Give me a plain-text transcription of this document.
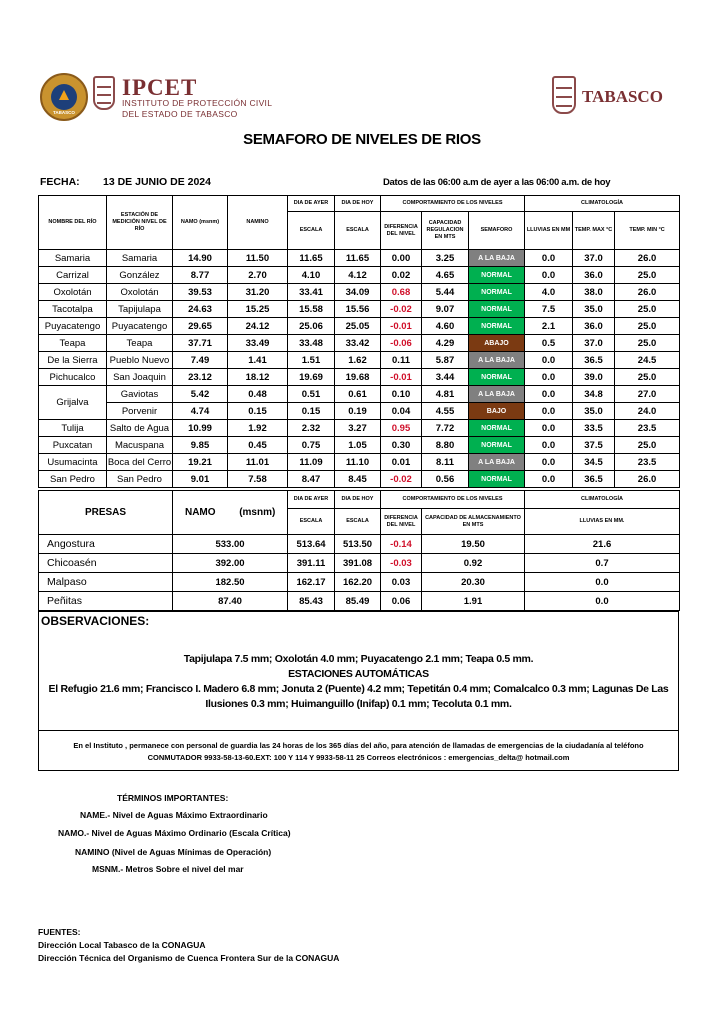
TABASCO
IPCET
INSTITUTO DE PROTECCIÓN CIVIL
DEL ESTADO DE TABASCO
TABASCO
SEMAFORO DE NIVELES DE RIOS
FECHA: 13 DE JUNIO DE 2024	Datos de las 06:00 a.m de ayer a las 06:00 a.m. de hoy
NOMBRE DEL RÍO	ESTACIÓN DE MEDICIÓN NIVEL DE RÍO	NAMO (msnm)	NAMINO	DIA DE AYER	DIA DE HOY	COMPORTAMIENTO DE LOS NIVELES			CLIMATOLOGÍA		
				ESCALA	ESCALA	DIFERENCIA DEL NIVEL	CAPACIDAD REGULACION EN MTS	SEMAFORO	LLUVIAS EN MM	TEMP. MAX °C	TEMP. MIN °C
Samaria	Samaria	14.90	11.50	11.65	11.65	0.00	3.25	A LA BAJA	0.0	37.0	26.0
Carrizal	González	8.77	2.70	4.10	4.12	0.02	4.65	NORMAL	0.0	36.0	25.0
Oxolotán	Oxolotán	39.53	31.20	33.41	34.09	0.68	5.44	NORMAL	4.0	38.0	26.0
Tacotalpa	Tapijulapa	24.63	15.25	15.58	15.56	-0.02	9.07	NORMAL	7.5	35.0	25.0
Puyacatengo	Puyacatengo	29.65	24.12	25.06	25.05	-0.01	4.60	NORMAL	2.1	36.0	25.0
Teapa	Teapa	37.71	33.49	33.48	33.42	-0.06	4.29	ABAJO	0.5	37.0	25.0
De la Sierra	Pueblo Nuevo	7.49	1.41	1.51	1.62	0.11	5.87	A LA BAJA	0.0	36.5	24.5
Pichucalco	San Joaquin	23.12	18.12	19.69	19.68	-0.01	3.44	NORMAL	0.0	39.0	25.0
Grijalva	Gaviotas	5.42	0.48	0.51	0.61	0.10	4.81	A LA BAJA	0.0	34.8	27.0
	Porvenir	4.74	0.15	0.15	0.19	0.04	4.55	BAJO	0.0	35.0	24.0
Tulija	Salto de Agua	10.99	1.92	2.32	3.27	0.95	7.72	NORMAL	0.0	33.5	23.5
Puxcatan	Macuspana	9.85	0.45	0.75	1.05	0.30	8.80	NORMAL	0.0	37.5	25.0
Usumacinta	Boca del Cerro	19.21	11.01	11.09	11.10	0.01	8.11	A LA BAJA	0.0	34.5	23.5
San Pedro	San Pedro	9.01	7.58	8.47	8.45	-0.02	0.56	NORMAL	0.0	36.5	26.0
PRESAS	NAMO	(msnm)	DIA DE AYER	DIA DE HOY	COMPORTAMIENTO DE LOS NIVELES		CLIMATOLOGÍA
			ESCALA	ESCALA	DIFERENCIA DEL NIVEL	CAPACIDAD DE ALMACENAMIENTO EN MTS	LLUVIAS EN MM.
Angostura	533.00		513.64	513.50	-0.14	19.50	21.6
Chicoasén	392.00		391.11	391.08	-0.03	0.92	0.7
Malpaso	182.50		162.17	162.20	0.03	20.30	0.0
Peñitas	87.40		85.43	85.49	0.06	1.91	0.0
OBSERVACIONES:
Tapijulapa 7.5 mm; Oxolotán 4.0 mm; Puyacatengo 2.1 mm; Teapa 0.5 mm.
ESTACIONES AUTOMÁTICAS
El Refugio 21.6 mm; Francisco I. Madero 6.8 mm; Jonuta 2 (Puente) 4.2 mm; Tepetitán 0.4 mm; Comalcalco 0.3 mm; Lagunas De Las
Ilusiones 0.3 mm; Huimanguillo (Inifap) 0.1 mm; Tecoluta 0.1 mm.
En el Instituto , permanece con personal de guardia las 24 horas de los 365 días del año, para atención de llamadas de emergencias de la ciudadanía al teléfono
CONMUTADOR 9933-58-13-60.EXT: 100 Y 114 Y 9933-58-11 25 Correos electrónicos : emergencias_delta@ hotmail.com
TÉRMINOS IMPORTANTES:
NAME.- Nivel de Aguas Máximo Extraordinario
NAMO.- Nivel de Aguas Máximo Ordinario (Escala Crítica)
NAMINO (Nivel de Aguas Mínimas de Operación)
MSNM.- Metros Sobre el nivel del mar
FUENTES:
Dirección Local Tabasco de la CONAGUA
Dirección Técnica del Organismo de Cuenca Frontera Sur de la CONAGUA
